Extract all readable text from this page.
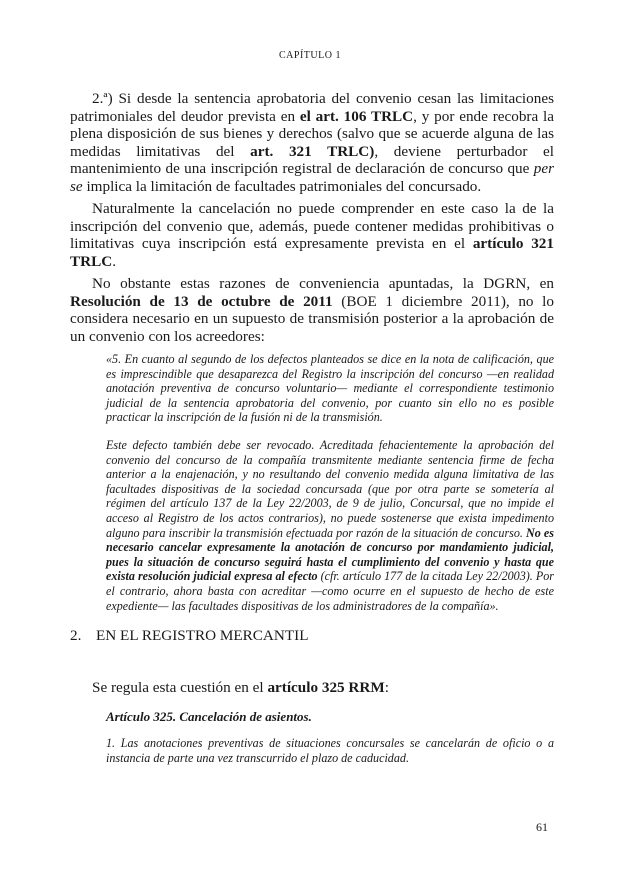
CAPÍTULO 1

2.ª) Si desde la sentencia aprobatoria del convenio cesan las limitaciones patrimoniales del deudor prevista en el art. 106 TRLC, y por ende recobra la plena disposición de sus bienes y derechos (salvo que se acuerde alguna de las medidas limitativas del art. 321 TRLC), deviene perturbador el mantenimiento de una inscripción registral de declaración de concurso que per se implica la limitación de facultades patrimoniales del concursado.

Naturalmente la cancelación no puede comprender en este caso la de la inscripción del convenio que, además, puede contener medidas prohibitivas o limitativas cuya inscripción está expresamente prevista en el artículo 321 TRLC.

No obstante estas razones de conveniencia apuntadas, la DGRN, en Resolución de 13 de octubre de 2011 (BOE 1 diciembre 2011), no lo considera necesario en un supuesto de transmisión posterior a la aprobación de un convenio con los acreedores:

«5. En cuanto al segundo de los defectos planteados se dice en la nota de calificación, que es imprescindible que desaparezca del Registro la inscripción del concurso —en realidad anotación preventiva de concurso voluntario— mediante el correspondiente testimonio judicial de la sentencia aprobatoria del convenio, por cuanto sin ello no es posible practicar la inscripción de la fusión ni de la transmisión.

Este defecto también debe ser revocado. Acreditada fehacientemente la aprobación del convenio del concurso de la compañía transmitente mediante sentencia firme de fecha anterior a la enajenación, y no resultando del convenio medida alguna limitativa de las facultades dispositivas de la sociedad concursada (que por otra parte se sometería al régimen del artículo 137 de la Ley 22/2003, de 9 de julio, Concursal, que no impide el acceso al Registro de los actos contrarios), no puede sostenerse que exista impedimento alguno para inscribir la transmisión efectuada por razón de la situación de concurso. No es necesario cancelar expresamente la anotación de concurso por mandamiento judicial, pues la situación de concurso seguirá hasta el cumplimiento del convenio y hasta que exista resolución judicial expresa al efecto (cfr. artículo 177 de la citada Ley 22/2003). Por el contrario, ahora basta con acreditar —como ocurre en el supuesto de hecho de este expediente— las facultades dispositivas de los administradores de la compañía».

2. EN EL REGISTRO MERCANTIL
Se regula esta cuestión en el artículo 325 RRM:
Artículo 325. Cancelación de asientos.
1. Las anotaciones preventivas de situaciones concursales se cancelarán de oficio o a instancia de parte una vez transcurrido el plazo de caducidad.
61
